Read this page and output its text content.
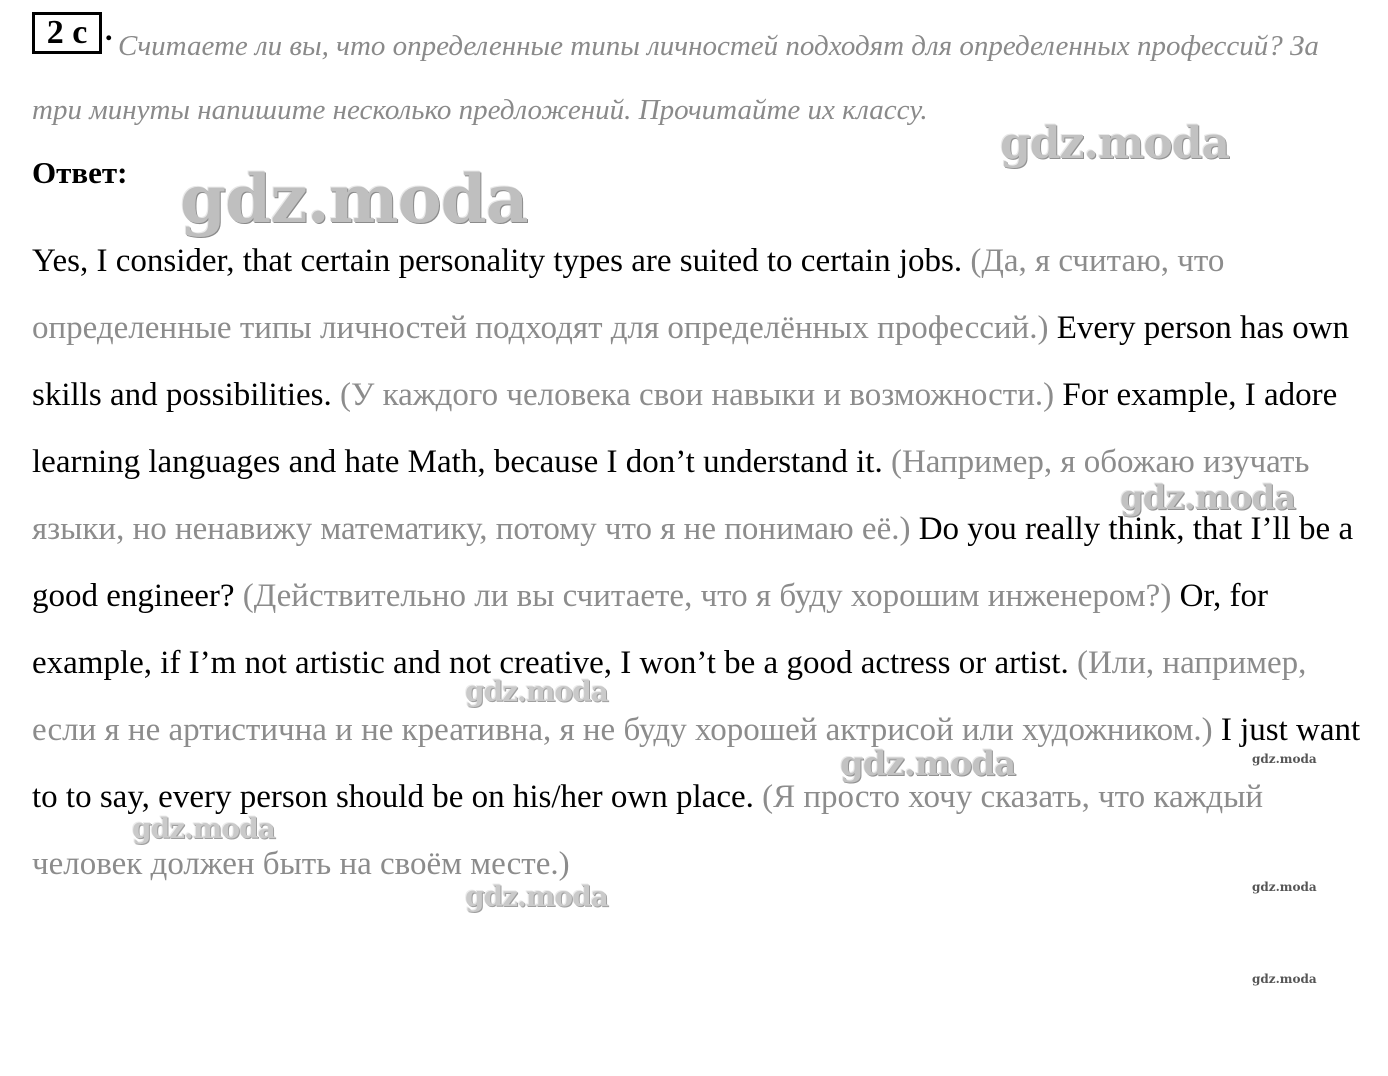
2 c . Считаете ли вы, что определенные типы личностей подходят для определенных профессий? За три минуты напишите несколько предложений. Прочитайте их классу.

Ответ:

Yes, I consider, that certain personality types are suited to certain jobs. (Да, я считаю, что определенные типы личностей подходят для определённых профессий.) Every person has own skills and possibilities. (У каждого человека свои навыки и возможности.) For example, I adore learning languages and hate Math, because I don’t understand it. (Например, я обожаю изучать языки, но ненавижу математику, потому что я не понимаю её.) Do you really think, that I’ll be a good engineer? (Действительно ли вы считаете, что я буду хорошим инженером?) Or, for example, if I’m not artistic and not creative, I won’t be a good actress or artist. (Или, например, если я не артистична и не креативна, я не буду хорошей актрисой или художником.) I just want to to say, every person should be on his/her own place. (Я просто хочу сказать, что каждый человек должен быть на своём месте.)

gdz.moda
gdz.moda
gdz.moda
gdz.moda
gdz.moda
gdz.moda
gdz.moda
gdz.moda
gdz.moda
gdz.moda
